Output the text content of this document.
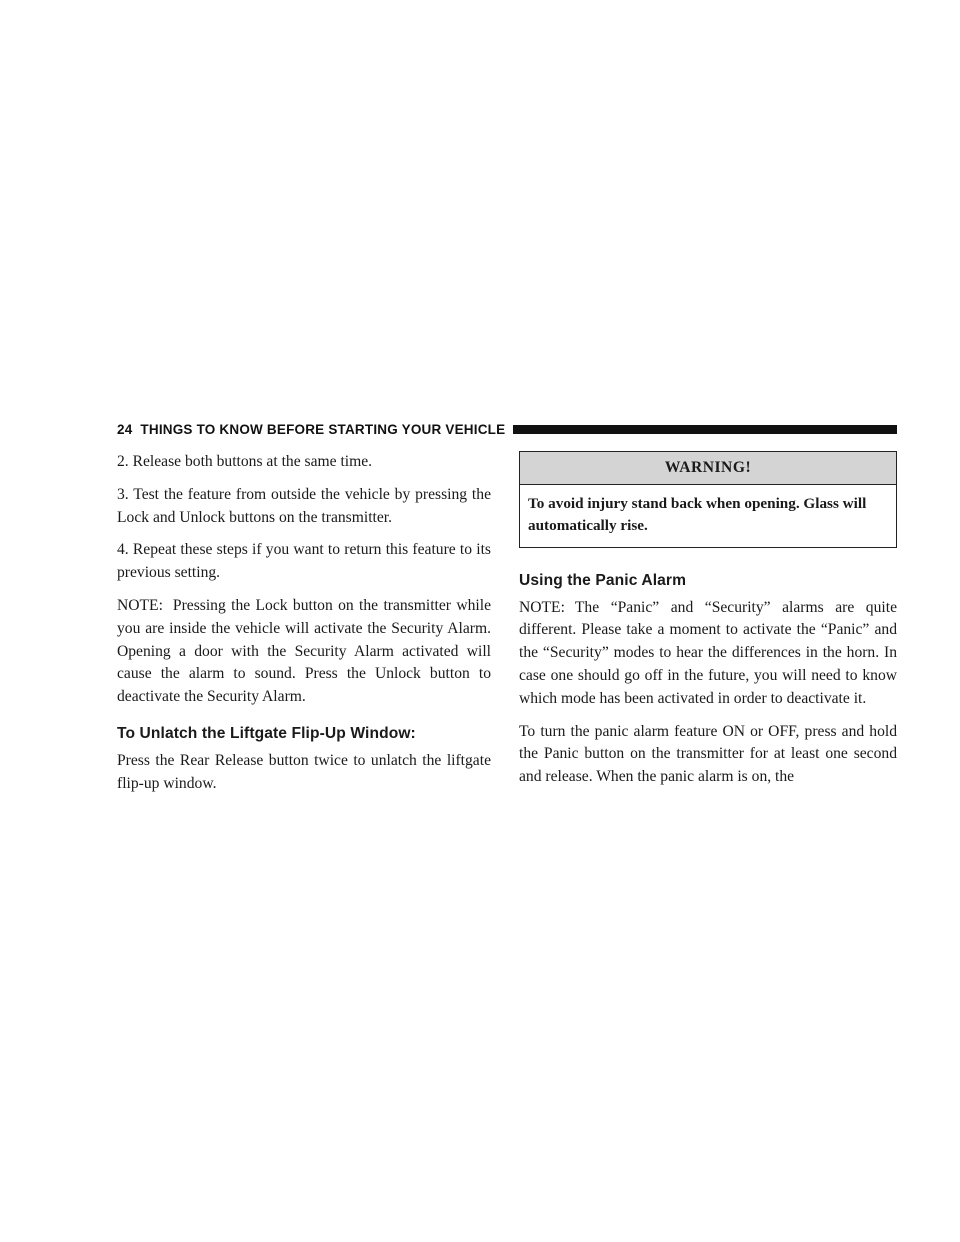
24 THINGS TO KNOW BEFORE STARTING YOUR VEHICLE

2. Release both buttons at the same time.

3. Test the feature from outside the vehicle by pressing the Lock and Unlock buttons on the transmitter.

4. Repeat these steps if you want to return this feature to its previous setting.

NOTE: Pressing the Lock button on the transmitter while you are inside the vehicle will activate the Security Alarm. Opening a door with the Security Alarm activated will cause the alarm to sound. Press the Unlock button to deactivate the Security Alarm.

To Unlatch the Liftgate Flip-Up Window:

Press the Rear Release button twice to unlatch the liftgate flip-up window.

WARNING!
To avoid injury stand back when opening. Glass will automatically rise.
Using the Panic Alarm

NOTE: The “Panic” and “Security” alarms are quite different. Please take a moment to activate the “Panic” and the “Security” modes to hear the differences in the horn. In case one should go off in the future, you will need to know which mode has been activated in order to deactivate it.

To turn the panic alarm feature ON or OFF, press and hold the Panic button on the transmitter for at least one second and release. When the panic alarm is on, the
